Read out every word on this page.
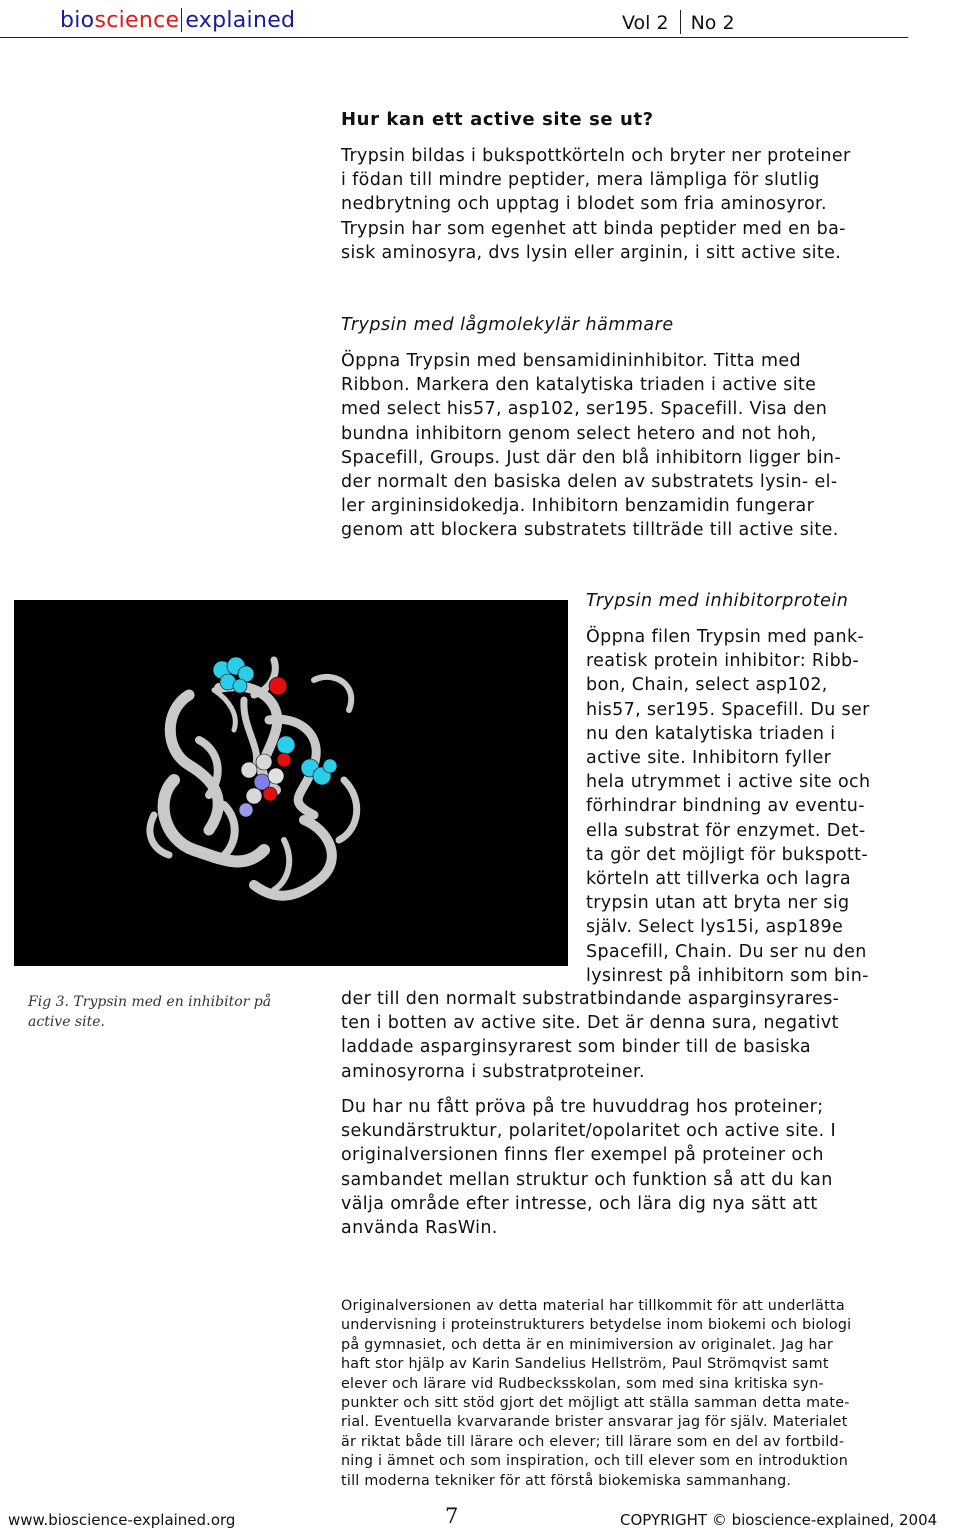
bioscience explained	Vol 2 No 2
Hur kan ett active site se ut?
Trypsin bildas i bukspottkörteln och bryter ner proteiner
i födan till mindre peptider, mera lämpliga för slutlig
nedbrytning och upptag i blodet som fria aminosyror.
Trypsin har som egenhet att binda peptider med en ba-
sisk aminosyra, dvs lysin eller arginin, i sitt active site.
Trypsin med lågmolekylär hämmare
Öppna Trypsin med bensamidininhibitor. Titta med
Ribbon. Markera den katalytiska triaden i active site
med select his57, asp102, ser195. Spacefill. Visa den
bundna inhibitorn genom select hetero and not hoh,
Spacefill, Groups. Just där den blå inhibitorn ligger bin-
der normalt den basiska delen av substratets lysin- el-
ler argininsidokedja. Inhibitorn benzamidin fungerar
genom att blockera substratets tillträde till active site.
Trypsin med inhibitorprotein
Öppna filen Trypsin med pank-
reatisk protein inhibitor: Ribb-
bon, Chain, select asp102,
his57, ser195. Spacefill. Du ser
nu den katalytiska triaden i
active site. Inhibitorn fyller
hela utrymmet i active site och
förhindrar bindning av eventu-
ella substrat för enzymet. Det-
ta gör det möjligt för bukspott-
körteln att tillverka och lagra
trypsin utan att bryta ner sig
själv. Select lys15i, asp189e
Spacefill, Chain. Du ser nu den
lysinrest på inhibitorn som bin-
der till den normalt substratbindande asparginsyrares-
ten i botten av active site. Det är denna sura, negativt
laddade asparginsyrarest som binder till de basiska
aminosyrorna i substratproteiner.
Fig 3. Trypsin med en inhibitor på active site.
Du har nu fått pröva på tre huvuddrag hos proteiner;
sekundärstruktur, polaritet/opolaritet och active site. I
originalversionen finns fler exempel på proteiner och
sambandet mellan struktur och funktion så att du kan
välja område efter intresse, och lära dig nya sätt att
använda RasWin.
Originalversionen av detta material har tillkommit för att underlätta
undervisning i proteinstrukturers betydelse inom biokemi och biologi
på gymnasiet, och detta är en minimiversion av originalet. Jag har
haft stor hjälp av Karin Sandelius Hellström, Paul Strömqvist samt
elever och lärare vid Rudbecksskolan, som med sina kritiska syn-
punkter och sitt stöd gjort det möjligt att ställa samman detta mate-
rial. Eventuella kvarvarande brister ansvarar jag för själv. Materialet
är riktat både till lärare och elever; till lärare som en del av fortbild-
ning i ämnet och som inspiration, och till elever som en introduktion
till moderna tekniker för att förstå biokemiska sammanhang.
www.bioscience-explained.org	7	COPYRIGHT © bioscience-explained, 2004
